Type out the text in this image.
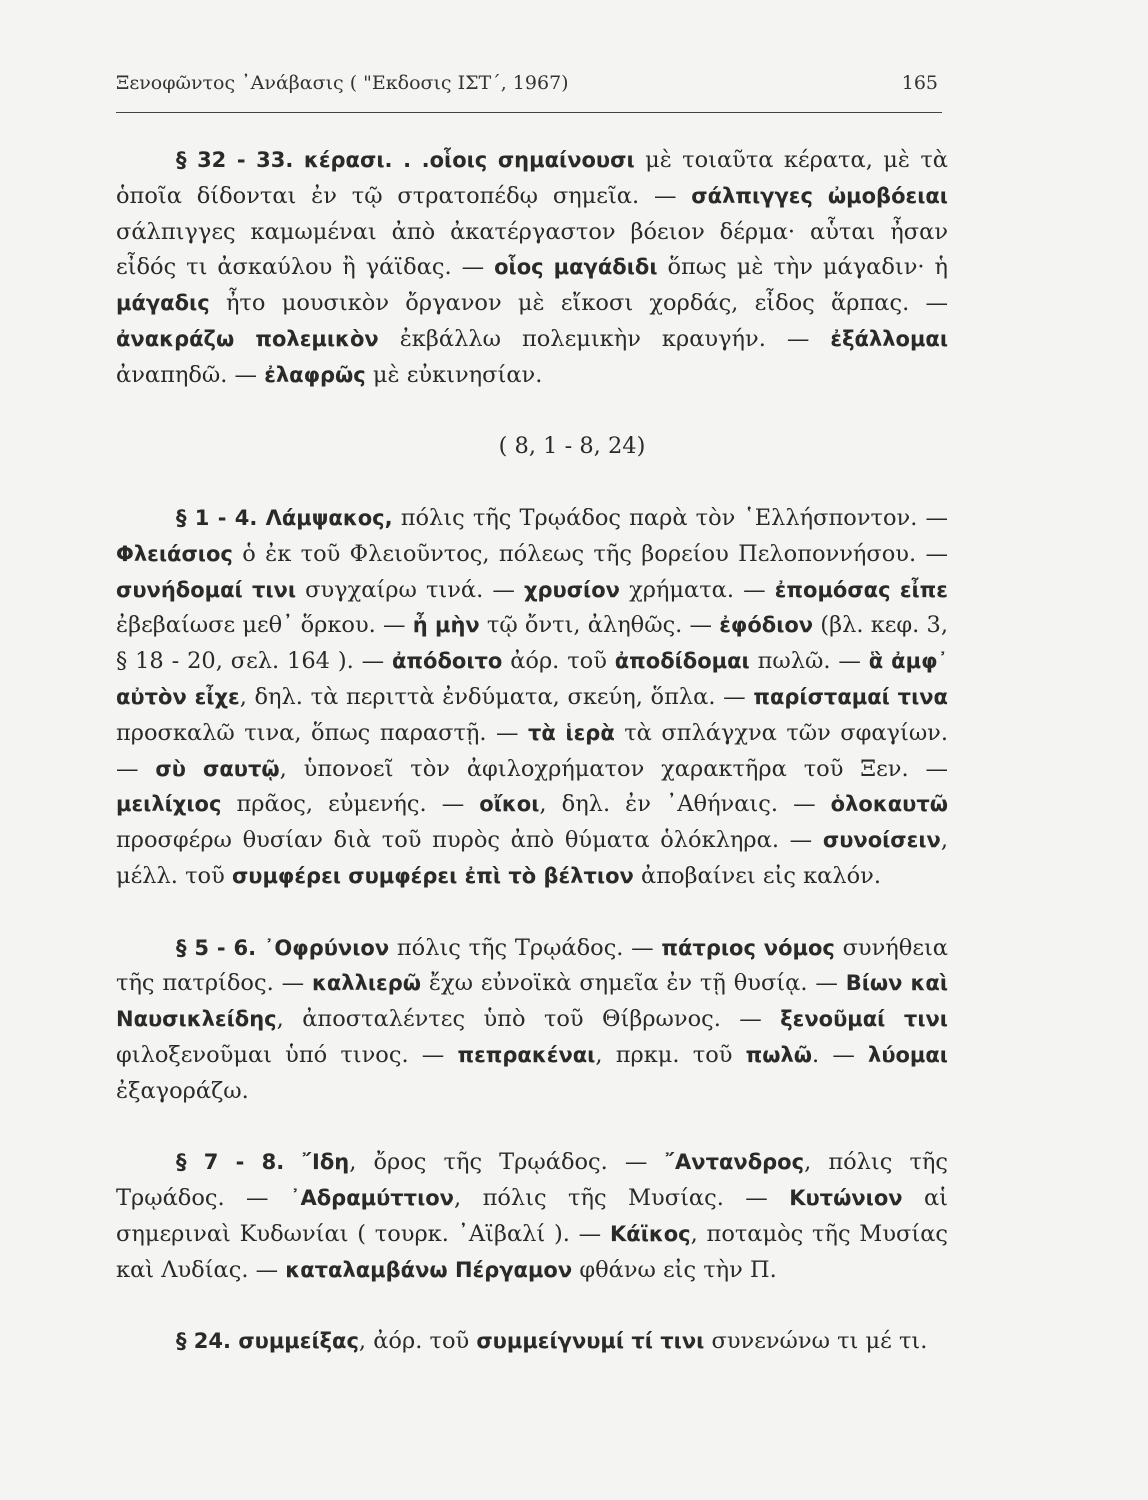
Ξενοφῶντος ᾿Ανάβασις ( "Εκδοσις ΙΣΤ΄, 1967)	165

§ 32 - 33. κέρασι. . .οἷοις σημαίνουσι μὲ τοιαῦτα κέρατα, μὲ τὰ ὁποῖα δίδονται ἐν τῷ στρατοπέδῳ σημεῖα. — σάλπιγγες ὠμοβόειαι σάλπιγγες καμωμέναι ἀπὸ ἀκατέργαστον βόειον δέρμα· αὗται ἦσαν εἶδός τι ἀσκαύλου ἢ γάϊδας. — οἷος μαγάδιδι ὅπως μὲ τὴν μάγαδιν· ἡ μάγαδις ἦτο μουσικὸν ὄργανον μὲ εἴκοσι χορδάς, εἶδος ἅρπας. — ἀνακράζω πολεμικὸν ἐκβάλλω πολεμικὴν κραυγήν. — ἐξάλλομαι ἀναπηδῶ. — ἐλαφρῶς μὲ εὐκινησίαν.

( 8, 1 - 8, 24)

§ 1 - 4. Λάμψακος, πόλις τῆς Τρῳάδος παρὰ τὸν ῾Ελλήσποντον. — Φλειάσιος ὁ ἐκ τοῦ Φλειοῦντος, πόλεως τῆς βορείου Πελοποννήσου. — συνήδομαί τινι συγχαίρω τινά. — χρυσίον χρήματα. — ἐπομόσας εἶπε ἐβεβαίωσε μεθ᾿ ὅρκου. — ἦ μὴν τῷ ὄντι, ἀληθῶς. — ἐφόδιον (βλ. κεφ. 3, § 18 - 20, σελ. 164 ). — ἀπόδοιτο ἀόρ. τοῦ ἀποδίδομαι πωλῶ. — ἃ ἀμφ᾿ αὐτὸν εἶχε, δηλ. τὰ περιττὰ ἐνδύματα, σκεύη, ὅπλα. — παρίσταμαί τινα προσκαλῶ τινα, ὅπως παραστῇ. — τὰ ἱερὰ τὰ σπλάγχνα τῶν σφαγίων. — σὺ σαυτῷ, ὑπονοεῖ τὸν ἀφιλοχρήματον χαρακτῆρα τοῦ Ξεν. — μειλίχιος πρᾶος, εὐμενής. — οἴκοι, δηλ. ἐν ᾿Αθήναις. — ὁλοκαυτῶ προσφέρω θυσίαν διὰ τοῦ πυρὸς ἀπὸ θύματα ὁλόκληρα. — συνοίσειν, μέλλ. τοῦ συμφέρει συμφέρει ἐπὶ τὸ βέλτιον ἀποβαίνει εἰς καλόν.

§ 5 - 6. ᾿Οφρύνιον πόλις τῆς Τρῳάδος. — πάτριος νόμος συνήθεια τῆς πατρίδος. — καλλιερῶ ἔχω εὐνοϊκὰ σημεῖα ἐν τῇ θυσίᾳ. — Βίων καὶ Ναυσικλείδης, ἀποσταλέντες ὑπὸ τοῦ Θίβρωνος. — ξενοῦμαί τινι φιλοξενοῦμαι ὑπό τινος. — πεπρακέναι, πρκμ. τοῦ πωλῶ. — λύομαι ἐξαγοράζω.

§ 7 - 8. ῎Ιδη, ὄρος τῆς Τρῳάδος. — ῎Αντανδρος, πόλις τῆς Τρῳάδος. — ᾿Αδραμύττιον, πόλις τῆς Μυσίας. — Κυτώνιον αἱ σημεριναὶ Κυδωνίαι ( τουρκ. ᾿Αϊβαλί ). — Κάϊκος, ποταμὸς τῆς Μυσίας καὶ Λυδίας. — καταλαμβάνω Πέργαμον φθάνω εἰς τὴν Π.

§ 24. συμμείξας, ἀόρ. τοῦ συμμείγνυμί τί τινι συνενώνω τι μέ τι.
